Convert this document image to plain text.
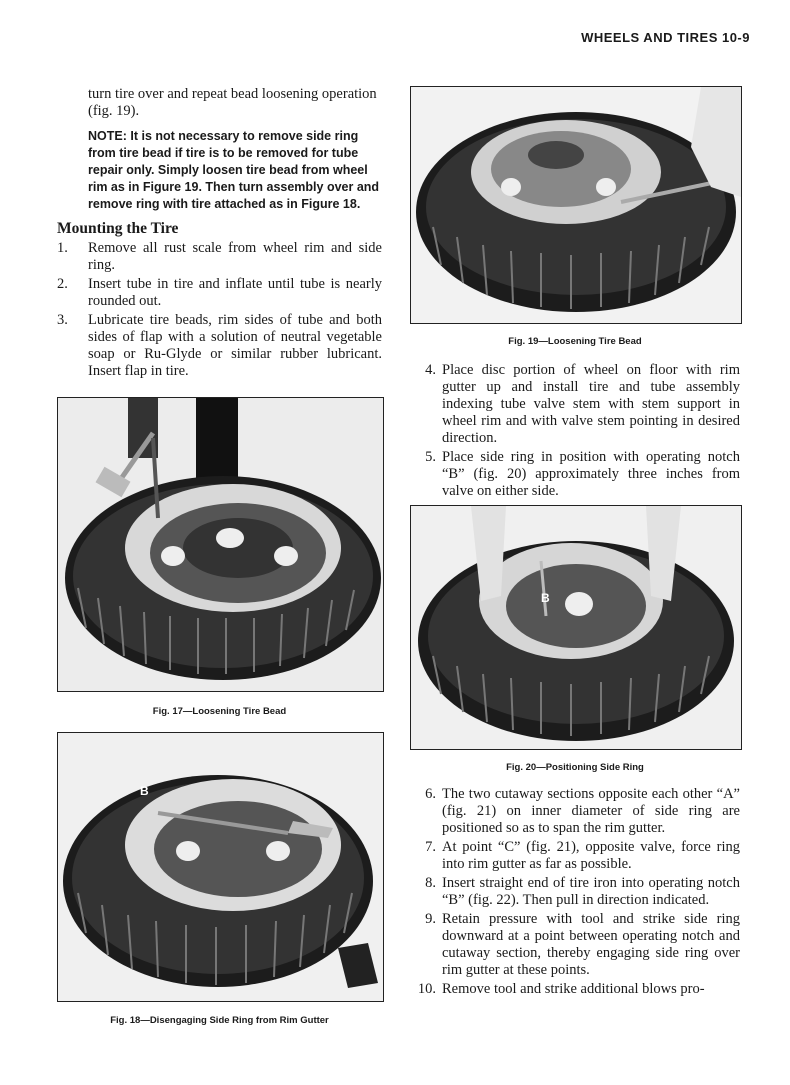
WHEELS AND TIRES 10-9

turn tire over and repeat bead loosening operation (fig. 19).

NOTE: It is not necessary to remove side ring from tire bead if tire is to be removed for tube repair only. Simply loosen tire bead from wheel rim as in Figure 19. Then turn assembly over and remove ring with tire attached as in Figure 18.

Mounting the Tire
1.	Remove all rust scale from wheel rim and side ring.
2.	Insert tube in tire and inflate until tube is nearly rounded out.
3.	Lubricate tire beads, rim sides of tube and both sides of flap with a solution of neutral vegetable soap or Ru-Glyde or similar rubber lubricant. Insert flap in tire.
Fig. 17—Loosening Tire Bead
B
Fig. 18—Disengaging Side Ring from Rim Gutter
Fig. 19—Loosening Tire Bead
4. Place disc portion of wheel on floor with rim gutter up and install tire and tube assembly indexing tube valve stem with stem support in wheel rim and with valve stem pointing in desired direction.
5. Place side ring in position with operating notch “B” (fig. 20) approximately three inches from valve on either side.
B
Fig. 20—Positioning Side Ring
6. The two cutaway sections opposite each other “A” (fig. 21) on inner diameter of side ring are positioned so as to span the rim gutter.
7. At point “C” (fig. 21), opposite valve, force ring into rim gutter as far as possible.
8. Insert straight end of tire iron into operating notch “B” (fig. 22). Then pull in direction indicated.
9. Retain pressure with tool and strike side ring downward at a point between operating notch and cutaway section, thereby engaging side ring over rim gutter at these points.
10. Remove tool and strike additional blows pro-
